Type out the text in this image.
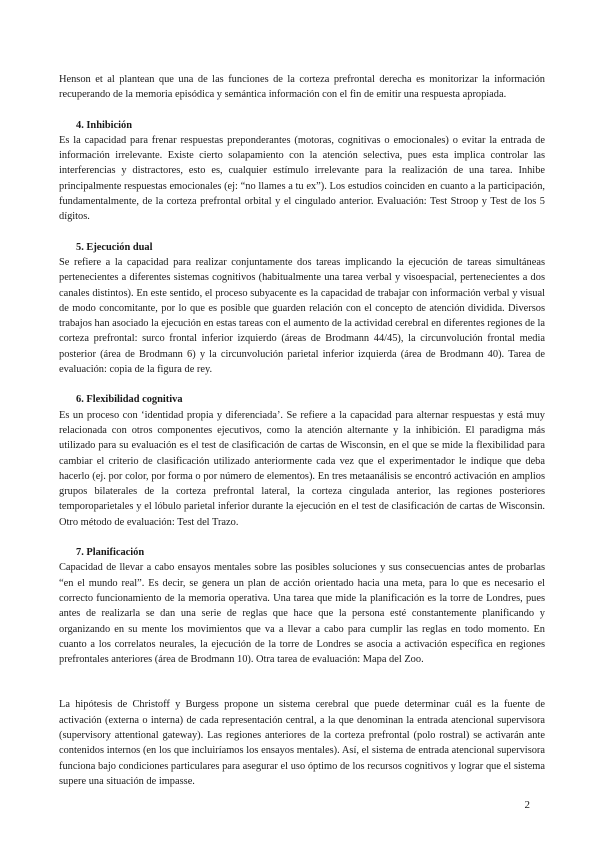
Henson et al plantean que una de las funciones de la corteza prefrontal derecha es monitorizar la información recuperando de la memoria episódica y semántica información con el fin de emitir una respuesta apropiada.

4. Inhibición

Es la capacidad para frenar respuestas preponderantes (motoras, cognitivas o emocionales) o evitar la entrada de información irrelevante. Existe cierto solapamiento con la atención selectiva, pues esta implica controlar las interferencias y distractores, esto es, cualquier estímulo irrelevante para la realización de una tarea. Inhibe principalmente respuestas emocionales (ej: “no llames a tu ex”). Los estudios coinciden en cuanto a la participación, fundamentalmente, de la corteza prefrontal orbital y el cingulado anterior. Evaluación: Test Stroop y Test de los 5 dígitos.

5. Ejecución dual

Se refiere a la capacidad para realizar conjuntamente dos tareas implicando la ejecución de tareas simultáneas pertenecientes a diferentes sistemas cognitivos (habitualmente una tarea verbal y visoespacial, pertenecientes a dos canales distintos). En este sentido, el proceso subyacente es la capacidad de trabajar con información verbal y visual de modo concomitante, por lo que es posible que guarden relación con el concepto de atención dividida. Diversos trabajos han asociado la ejecución en estas tareas con el aumento de la actividad cerebral en diferentes regiones de la corteza prefrontal: surco frontal inferior izquierdo (áreas de Brodmann 44/45), la circunvolución frontal media posterior (área de Brodmann 6) y la circunvolución parietal inferior izquierda (área de Brodmann 40). Tarea de evaluación: copia de la figura de rey.

6. Flexibilidad cognitiva

Es un proceso con ‘identidad propia y diferenciada’. Se refiere a la capacidad para alternar respuestas y está muy relacionada con otros componentes ejecutivos, como la atención alternante y la inhibición. El paradigma más utilizado para su evaluación es el test de clasificación de cartas de Wisconsin, en el que se mide la flexibilidad para cambiar el criterio de clasificación utilizado anteriormente cada vez que el experimentador le indique que deba hacerlo (ej. por color, por forma o por número de elementos). En tres metaanálisis se encontró activación en amplios grupos bilaterales de la corteza prefrontal lateral, la corteza cingulada anterior, las regiones posteriores temporoparietales y el lóbulo parietal inferior durante la ejecución en el test de clasificación de cartas de Wisconsin. Otro método de evaluación: Test del Trazo.

7. Planificación

Capacidad de llevar a cabo ensayos mentales sobre las posibles soluciones y sus consecuencias antes de probarlas “en el mundo real”. Es decir, se genera un plan de acción orientado hacia una meta, para lo que es necesario el correcto funcionamiento de la memoria operativa. Una tarea que mide la planificación es la torre de Londres, pues antes de realizarla se dan una serie de reglas que hace que la persona esté constantemente planificando y organizando en su mente los movimientos que va a llevar a cabo para cumplir las reglas en todo momento. En cuanto a los correlatos neurales, la ejecución de la torre de Londres se asocia a activación específica en regiones prefrontales anteriores (área de Brodmann 10). Otra tarea de evaluación: Mapa del Zoo.

La hipótesis de Christoff y Burgess propone un sistema cerebral que puede determinar cuál es la fuente de activación (externa o interna) de cada representación central, a la que denominan la entrada atencional supervisora (supervisory attentional gateway). Las regiones anteriores de la corteza prefrontal (polo rostral) se activarán ante contenidos internos (en los que incluiríamos los ensayos mentales). Así, el sistema de entrada atencional supervisora funciona bajo condiciones particulares para asegurar el uso óptimo de los recursos cognitivos y lograr que el sistema supere una situación de impasse.

2
